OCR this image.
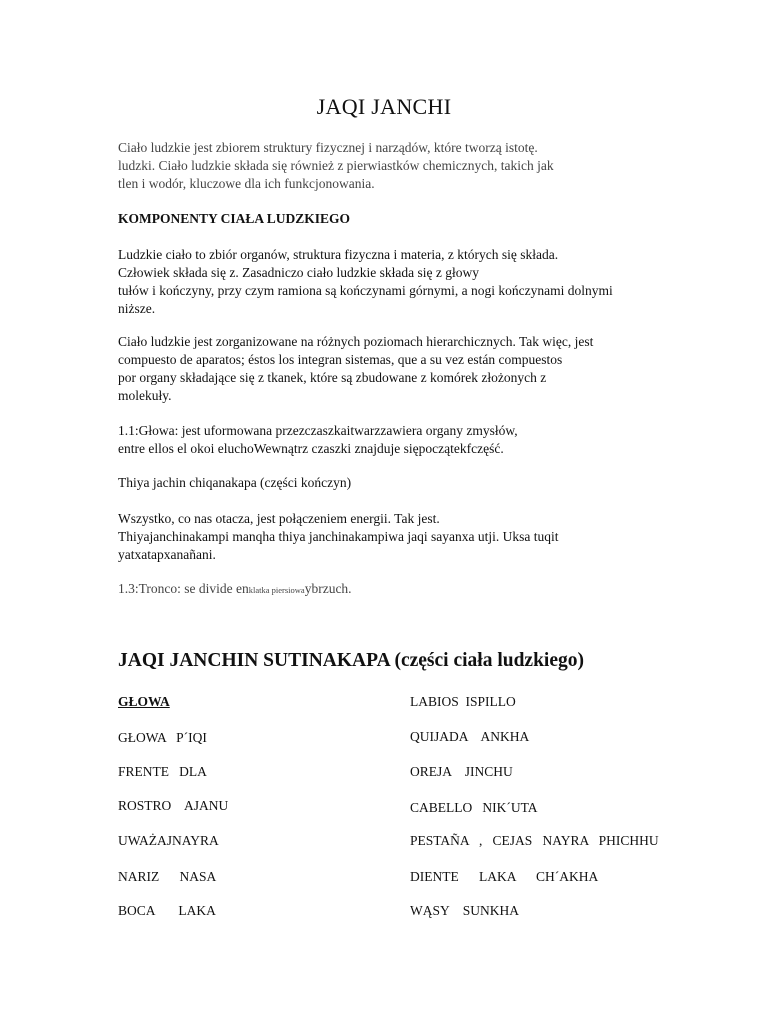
JAQI JANCHI
Ciało ludzkie jest zbiorem struktury fizycznej i narządów, które tworzą istotę.
ludzki. Ciało ludzkie składa się również z pierwiastków chemicznych, takich jak
tlen i wodór, kluczowe dla ich funkcjonowania.
KOMPONENTY CIAŁA LUDZKIEGO
Ludzkie ciało to zbiór organów, struktura fizyczna i materia, z których się składa.
Człowiek składa się z. Zasadniczo ciało ludzkie składa się z głowy
tułów i kończyny, przy czym ramiona są kończynami górnymi, a nogi kończynami dolnymi
niższe.
Ciało ludzkie jest zorganizowane na różnych poziomach hierarchicznych. Tak więc, jest
compuesto de aparatos; éstos los integran sistemas, que a su vez están compuestos
por organy składające się z tkanek, które są zbudowane z komórek złożonych z
molekuły.
1.1:Głowa: jest uformowana przezczaszkaitwarzzawiera organy zmysłów,
entre ellos el okoi eluchoWewnątrz czaszki znajduje siępoczątekfczęść.
Thiya jachin chiqanakapa (części kończyn)
Wszystko, co nas otacza, jest połączeniem energii. Tak jest.
Thiyajanchinakampi manqha thiya janchinakampiwa jaqi sayanxa utji. Uksa tuqit
yatxatapxanañani.
1.3:Tronco: se divide enklatka piersiowaybrzuch.
JAQI JANCHIN SUTINAKAPA (części ciała ludzkiego)

GŁOWA

GŁOWA   P´IQI

FRENTE   DLA

ROSTRO    AJANU

UWAŻAJNAYRA

NARIZ      NASA

BOCA       LAKA

LABIOS  ISPILLO

QUIJADA    ANKHA

OREJA    JINCHU

CABELLO   NIK´UTA

PESTAÑA   ,   CEJAS   NAYRA   PHICHHU

DIENTE      LAKA      CH´AKHA

WĄSY    SUNKHA
